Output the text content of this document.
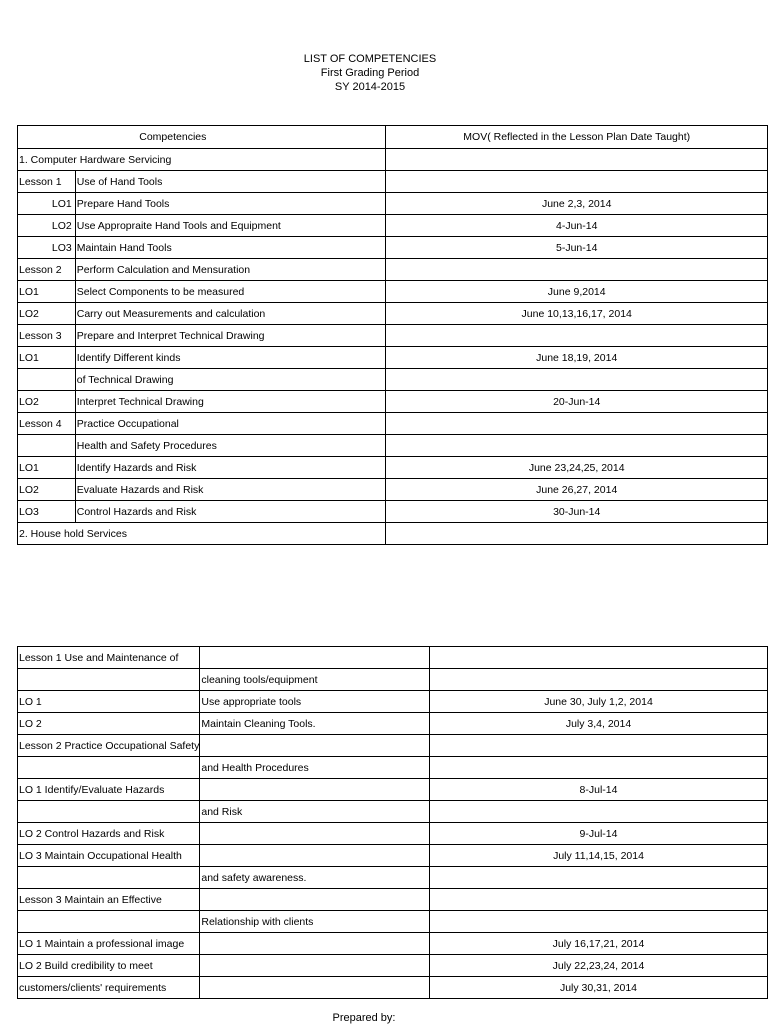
LIST OF COMPETENCIES
First Grading Period
SY 2014-2015
	Competencies	MOV( Reflected in the Lesson Plan Date Taught)
1. Computer Hardware Servicing		
Lesson 1	Use of Hand Tools	
LO1	Prepare Hand Tools	June 2,3, 2014
LO2	Use Appropraite Hand Tools and Equipment	4-Jun-14
LO3	Maintain Hand Tools	5-Jun-14
Lesson 2	Perform Calculation and Mensuration	
LO1	Select Components to be measured	June 9,2014
LO2	Carry out Measurements and calculation	June 10,13,16,17, 2014
Lesson 3	Prepare and Interpret Technical Drawing	
LO1	Identify Different kinds	June 18,19, 2014
	of Technical Drawing	
LO2	Interpret Technical Drawing	20-Jun-14
Lesson 4	Practice Occupational	
	Health and Safety Procedures	
LO1	Identify Hazards and Risk	June 23,24,25, 2014
LO2	Evaluate Hazards and Risk	June 26,27, 2014
LO3	Control Hazards and Risk	30-Jun-14
2. House hold Services		
Lesson 1 Use and Maintenance of		
	cleaning tools/equipment	
LO 1	Use appropriate tools	June 30, July 1,2, 2014
LO 2	Maintain Cleaning Tools.	July 3,4, 2014
Lesson 2 Practice Occupational Safety		
	and Health Procedures	
LO 1 Identify/Evaluate Hazards		8-Jul-14
	and Risk	
LO 2 Control Hazards and Risk		9-Jul-14
LO 3 Maintain Occupational Health		July 11,14,15, 2014
	and safety awareness.	
Lesson 3 Maintain an Effective		
	Relationship with clients	
LO 1 Maintain a professional image		July 16,17,21, 2014
LO 2 Build credibility to meet		July 22,23,24, 2014
customers/clients' requirements		July 30,31, 2014
Prepared by:
